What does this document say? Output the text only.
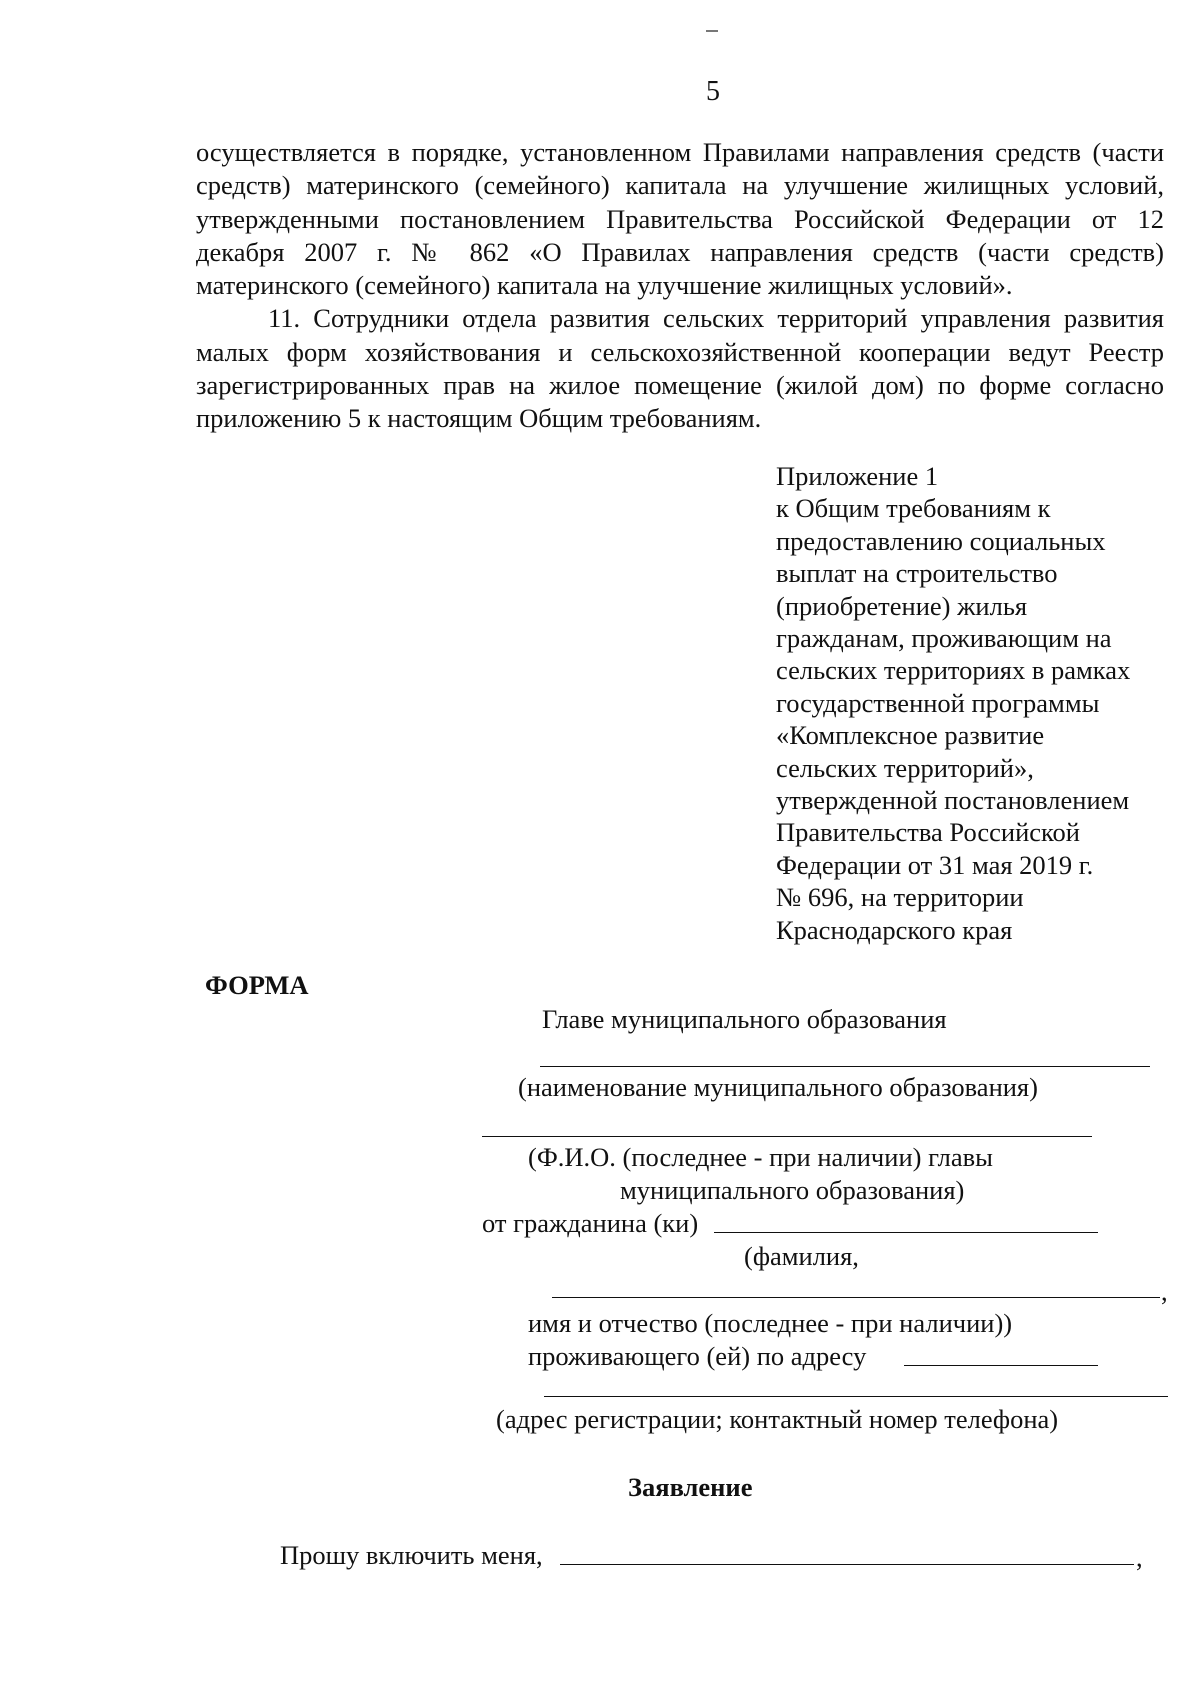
5

осуществляется в порядке, установленном Правилами направления средств (части средств) материнского (семейного) капитала на улучшение жилищных условий, утвержденными постановлением Правительства Российской Федерации от 12 декабря 2007 г. № 862 «О Правилах направления средств (части средств) материнского (семейного) капитала на улучшение жилищных условий».

11. Сотрудники отдела развития сельских территорий управления развития малых форм хозяйствования и сельскохозяйственной кооперации ведут Реестр зарегистрированных прав на жилое помещение (жилой дом) по форме согласно приложению 5 к настоящим Общим требованиям.

Приложение 1
к Общим требованиям к
предоставлению социальных
выплат на строительство
(приобретение) жилья
гражданам, проживающим на
сельских территориях в рамках
государственной программы
«Комплексное развитие
сельских территорий»,
утвержденной постановлением
Правительства Российской
Федерации от 31 мая 2019 г.
№ 696, на территории
Краснодарского края
ФОРМА
Главе муниципального образования
(наименование муниципального образования)
(Ф.И.О. (последнее - при наличии) главы
муниципального образования)
от гражданина (ки)
(фамилия,
,
имя и отчество (последнее - при наличии))
проживающего (ей) по адресу
(адрес регистрации; контактный номер телефона)
Заявление
Прошу включить меня,	,
